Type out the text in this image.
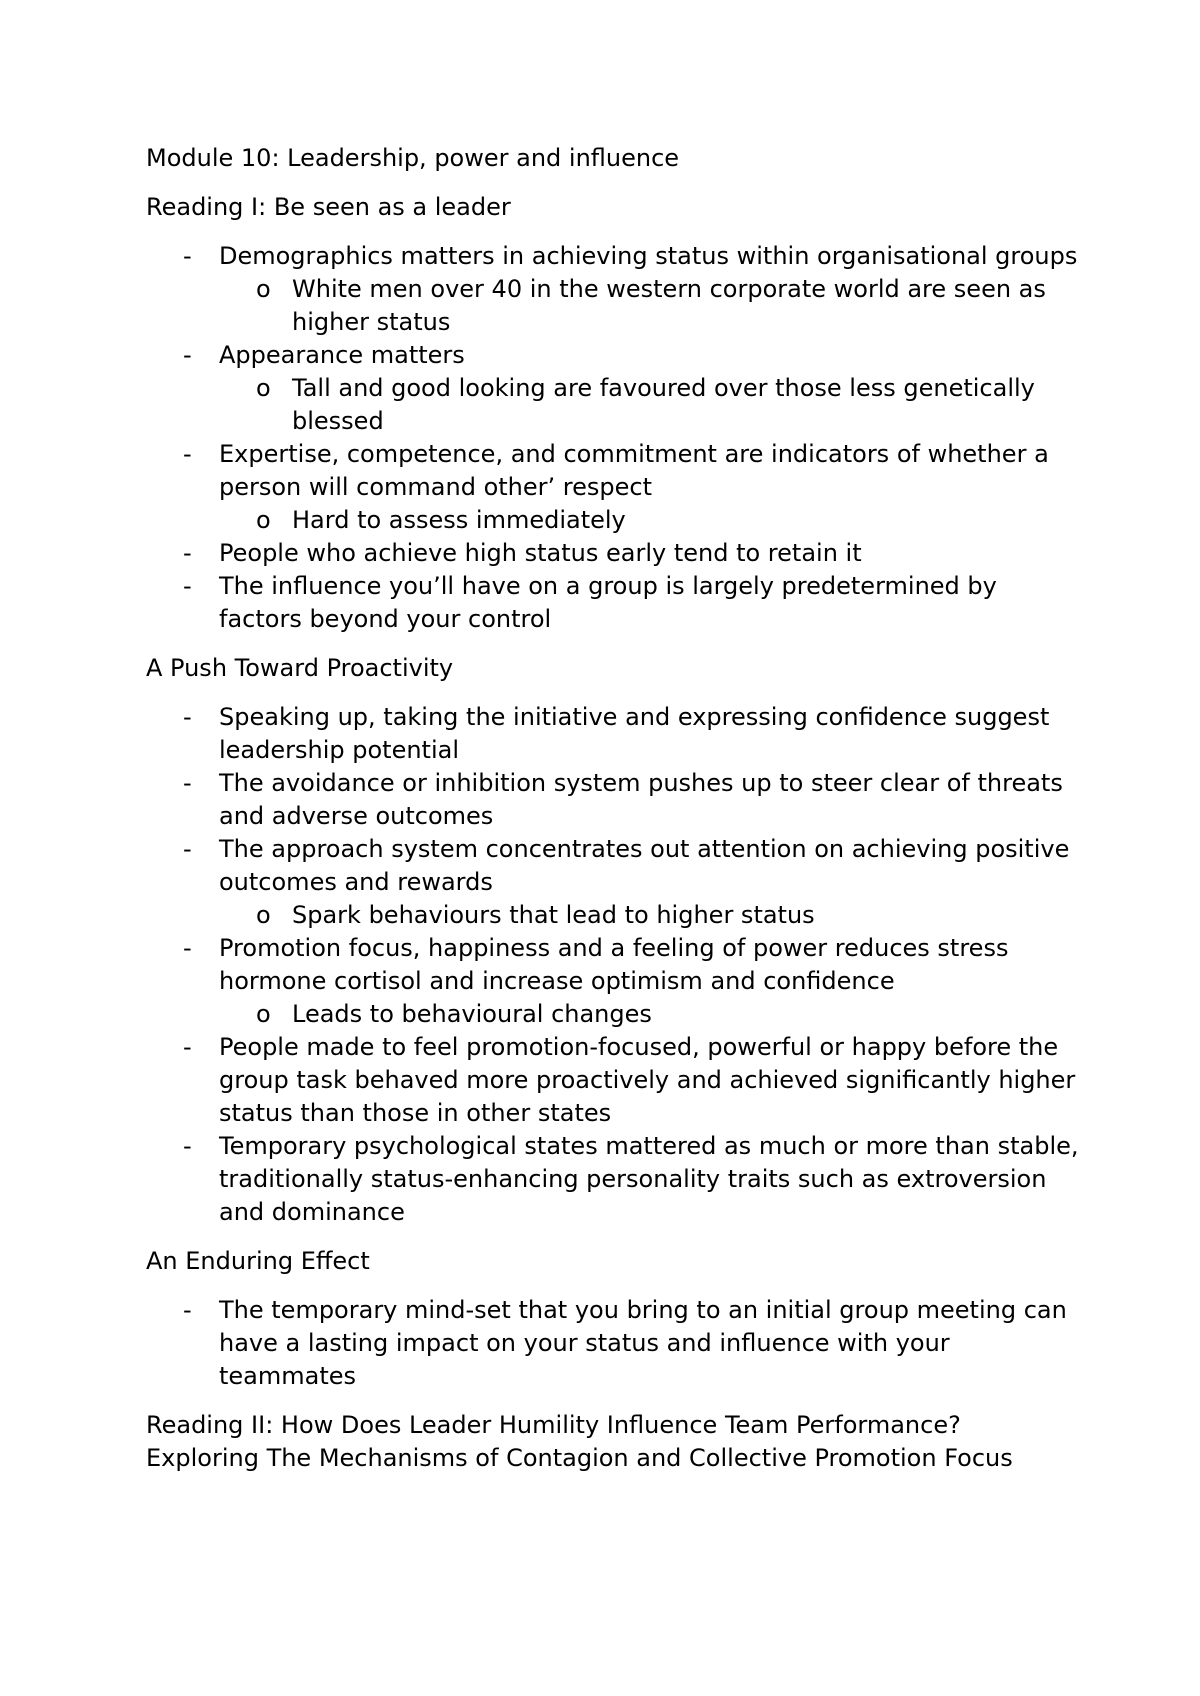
Module 10: Leadership, power and influence

Reading I: Be seen as a leader

-	Demographics matters in achieving status within organisational groups
o White men over 40 in the western corporate world are seen as higher status
-	Appearance matters
o Tall and good looking are favoured over those less genetically blessed
-	Expertise, competence, and commitment are indicators of whether a person will command other’ respect
o Hard to assess immediately
-	People who achieve high status early tend to retain it
-	The influence you’ll have on a group is largely predetermined by factors beyond your control

A Push Toward Proactivity

-	Speaking up, taking the initiative and expressing confidence suggest leadership potential
-	The avoidance or inhibition system pushes up to steer clear of threats and adverse outcomes
-	The approach system concentrates out attention on achieving positive outcomes and rewards
o Spark behaviours that lead to higher status
-	Promotion focus, happiness and a feeling of power reduces stress hormone cortisol and increase optimism and confidence
o Leads to behavioural changes
-	People made to feel promotion-focused, powerful or happy before the group task behaved more proactively and achieved significantly higher status than those in other states
-	Temporary psychological states mattered as much or more than stable, traditionally status-enhancing personality traits such as extroversion and dominance

An Enduring Effect

-	The temporary mind-set that you bring to an initial group meeting can have a lasting impact on your status and influence with your teammates
Reading II: How Does Leader Humility Influence Team Performance?
Exploring The Mechanisms of Contagion and Collective Promotion Focus
